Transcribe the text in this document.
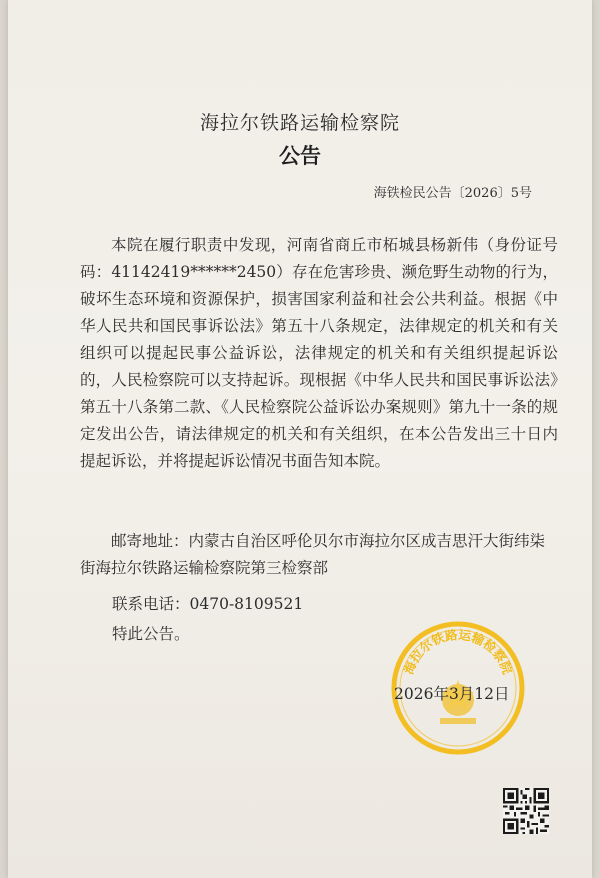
海拉尔铁路运输检察院
公告
海铁检民公告〔2026〕5号
本院在履行职责中发现，河南省商丘市柘城县杨新伟（身份证号码：41142419******2450）存在危害珍贵、濒危野生动物的行为，破坏生态环境和资源保护，损害国家利益和社会公共利益。根据《中华人民共和国民事诉讼法》第五十八条规定，法律规定的机关和有关组织可以提起民事公益诉讼，法律规定的机关和有关组织提起诉讼的，人民检察院可以支持起诉。现根据《中华人民共和国民事诉讼法》第五十八条第二款、《人民检察院公益诉讼办案规则》第九十一条的规定发出公告，请法律规定的机关和有关组织，在本公告发出三十日内提起诉讼，并将提起诉讼情况书面告知本院。
邮寄地址：内蒙古自治区呼伦贝尔市海拉尔区成吉思汗大街纬柒街海拉尔铁路运输检察院第三检察部
联系电话：0470-8109521
特此公告。
海拉尔铁路运输检察院
2026年3月12日
